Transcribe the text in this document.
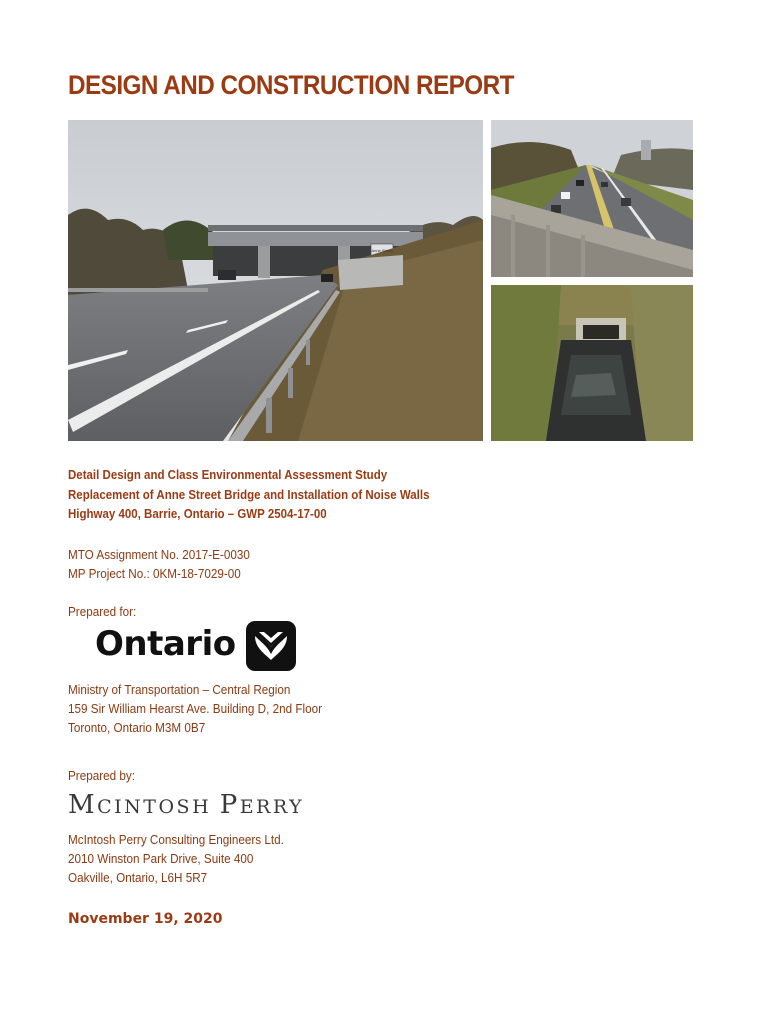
DESIGN AND CONSTRUCTION REPORT
Anne Street
Detail Design and Class Environmental Assessment Study
Replacement of Anne Street Bridge and Installation of Noise Walls
Highway 400, Barrie, Ontario – GWP 2504-17-00
MTO Assignment No. 2017-E-0030
MP Project No.: 0KM-18-7029-00
Prepared for:
Ontario
Ministry of Transportation – Central Region
159 Sir William Hearst Ave. Building D, 2nd Floor
Toronto, Ontario M3M 0B7
Prepared by:
MCINTOSH PERRY
McIntosh Perry Consulting Engineers Ltd.
2010 Winston Park Drive, Suite 400
Oakville, Ontario, L6H 5R7
November 19, 2020
